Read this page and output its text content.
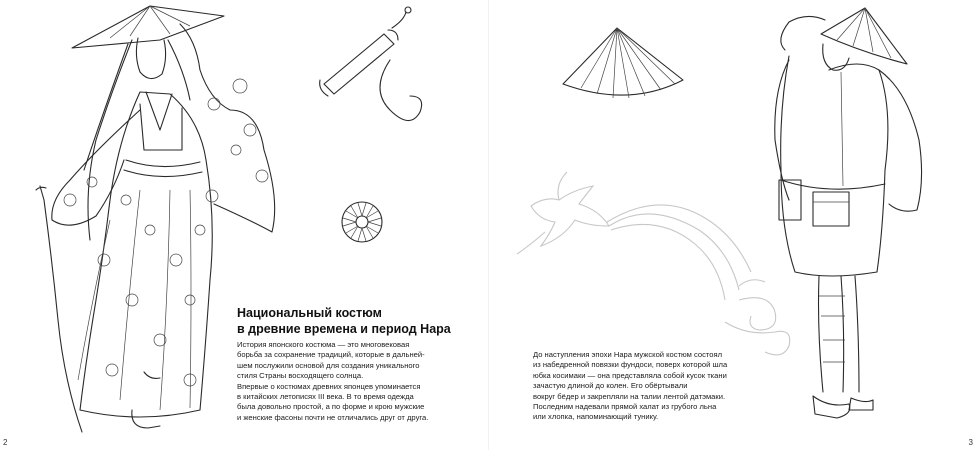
Национальный костюм
в древние времена и период Нара
История японского костюма — это многовековая
борьба за сохранение традиций, которые в дальней-
шем послужили основой для создания уникального
стиля Страны восходящего солнца.
Впервые о костюмах древних японцев упоминается
в китайских летописях III века. В то время одежда
была довольно простой, а по форме и крою мужские
и женские фасоны почти не отличались друг от друга.
2
До наступления эпохи Нара мужской костюм состоял
из набедренной повязки фундоси, поверх которой шла
юбка косимаки — она представляла собой кусок ткани
зачастую длиной до колен. Его обёртывали
вокруг бёдер и закрепляли на талии лентой датэмаки.
Последним надевали прямой халат из грубого льна
или хлопка, напоминающий тунику.
3
